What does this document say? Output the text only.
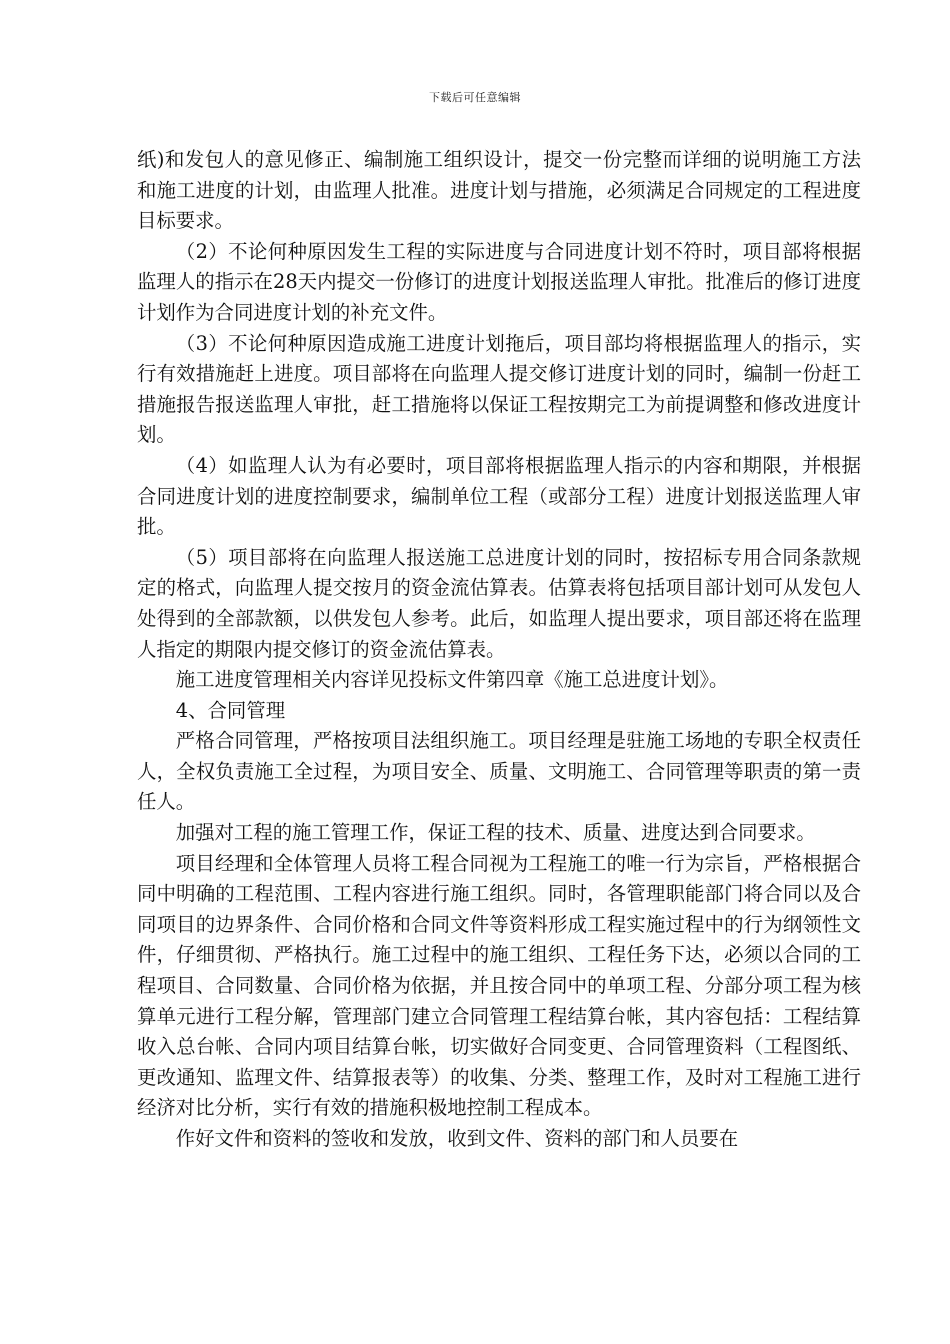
下载后可任意编辑

纸)和发包人的意见修正、编制施工组织设计，提交一份完整而详细的说明施工方法和施工进度的计划，由监理人批准。进度计划与措施，必须满足合同规定的工程进度目标要求。

（2）不论何种原因发生工程的实际进度与合同进度计划不符时，项目部将根据监理人的指示在28天内提交一份修订的进度计划报送监理人审批。批准后的修订进度计划作为合同进度计划的补充文件。

（3）不论何种原因造成施工进度计划拖后，项目部均将根据监理人的指示，实行有效措施赶上进度。项目部将在向监理人提交修订进度计划的同时，编制一份赶工措施报告报送监理人审批，赶工措施将以保证工程按期完工为前提调整和修改进度计划。

（4）如监理人认为有必要时，项目部将根据监理人指示的内容和期限，并根据合同进度计划的进度控制要求，编制单位工程（或部分工程）进度计划报送监理人审批。

（5）项目部将在向监理人报送施工总进度计划的同时，按招标专用合同条款规定的格式，向监理人提交按月的资金流估算表。估算表将包括项目部计划可从发包人处得到的全部款额，以供发包人参考。此后，如监理人提出要求，项目部还将在监理人指定的期限内提交修订的资金流估算表。

施工进度管理相关内容详见投标文件第四章《施工总进度计划》。

4、合同管理

严格合同管理，严格按项目法组织施工。项目经理是驻施工场地的专职全权责任人，全权负责施工全过程，为项目安全、质量、文明施工、合同管理等职责的第一责任人。

加强对工程的施工管理工作，保证工程的技术、质量、进度达到合同要求。

项目经理和全体管理人员将工程合同视为工程施工的唯一行为宗旨，严格根据合同中明确的工程范围、工程内容进行施工组织。同时，各管理职能部门将合同以及合同项目的边界条件、合同价格和合同文件等资料形成工程实施过程中的行为纲领性文件，仔细贯彻、严格执行。施工过程中的施工组织、工程任务下达，必须以合同的工程项目、合同数量、合同价格为依据，并且按合同中的单项工程、分部分项工程为核算单元进行工程分解，管理部门建立合同管理工程结算台帐，其内容包括：工程结算收入总台帐、合同内项目结算台帐，切实做好合同变更、合同管理资料（工程图纸、更改通知、监理文件、结算报表等）的收集、分类、整理工作，及时对工程施工进行经济对比分析，实行有效的措施积极地控制工程成本。

作好文件和资料的签收和发放，收到文件、资料的部门和人员要在
